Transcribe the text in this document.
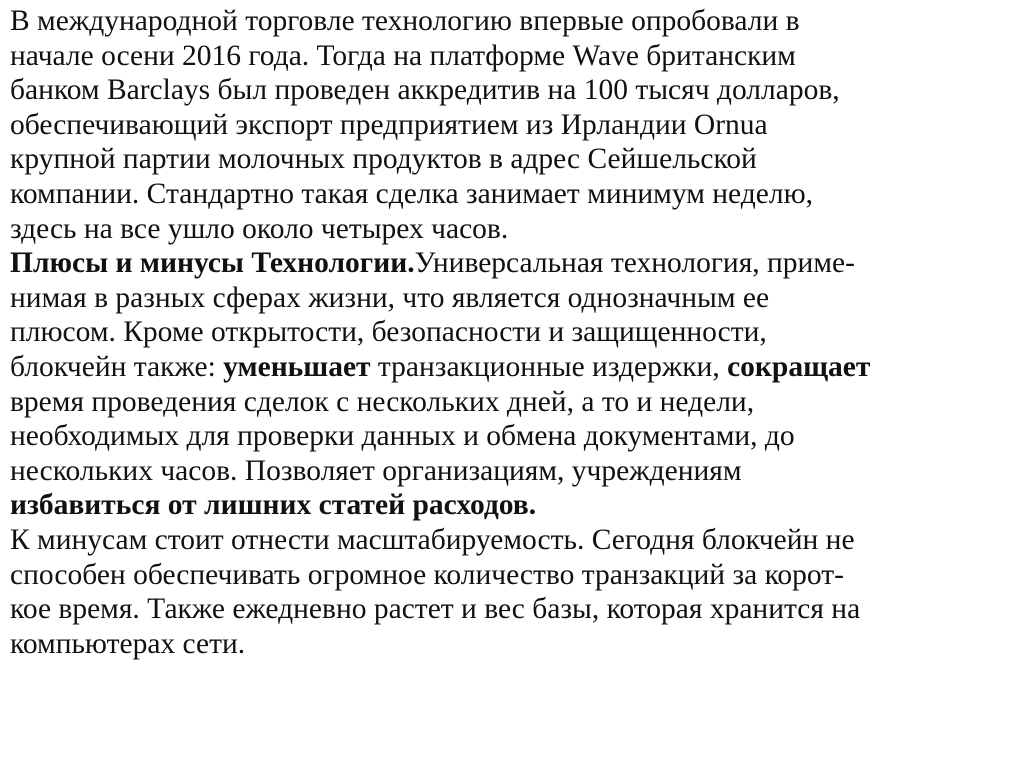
В международной торговле технологию впервые опробовали в
начале осени 2016 года. Тогда на платформе Wave британским
банком Barclays был проведен аккредитив на 100 тысяч долларов,
обеспечивающий экспорт предприятием из Ирландии Ornua
крупной партии молочных продуктов в адрес Сейшельской
компании. Стандартно такая сделка занимает минимум неделю,
здесь на все ушло около четырех часов.
Плюсы и минусы Технологии.Универсальная технология, приме-
нимая в разных сферах жизни, что является однозначным ее
плюсом. Кроме открытости, безопасности и защищенности,
блокчейн также: уменьшает транзакционные издержки, сокращает
время проведения сделок с нескольких дней, а то и недели,
необходимых для проверки данных и обмена документами, до
нескольких часов. Позволяет организациям, учреждениям
избавиться от лишних статей расходов.
К минусам стоит отнести масштабируемость. Сегодня блокчейн не
способен обеспечивать огромное количество транзакций за корот-
кое время. Также ежедневно растет и вес базы, которая хранится на
компьютерах сети.
